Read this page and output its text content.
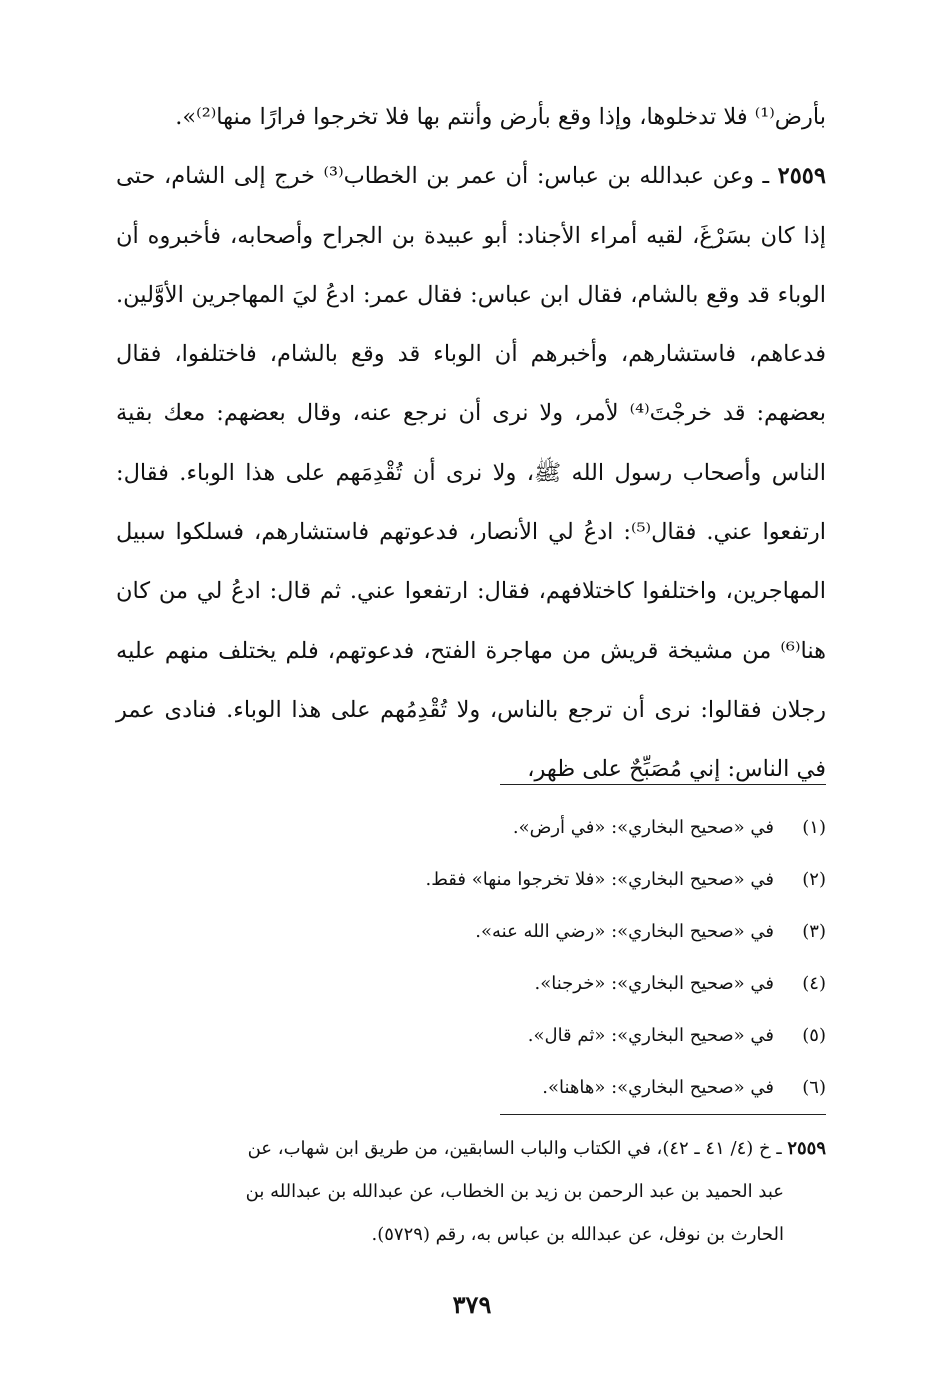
بأرض⁽¹⁾ فلا تدخلوها، وإذا وقع بأرض وأنتم بها فلا تخرجوا فرارًا منها⁽²⁾».

٢٥٥٩ ـ وعن عبدالله بن عباس: أن عمر بن الخطاب⁽³⁾ خرج إلى الشام، حتى إذا كان بسَرْغَ، لقيه أمراء الأجناد: أبو عبيدة بن الجراح وأصحابه، فأخبروه أن الوباء قد وقع بالشام، فقال ابن عباس: فقال عمر: ادعُ ليَ المهاجرين الأوَّلين. فدعاهم، فاستشارهم، وأخبرهم أن الوباء قد وقع بالشام، فاختلفوا، فقال بعضهم: قد خرجْتَ⁽⁴⁾ لأمر، ولا نرى أن نرجع عنه، وقال بعضهم: معك بقية الناس وأصحاب رسول الله ﷺ، ولا نرى أن تُقْدِمَهم على هذا الوباء. فقال: ارتفعوا عني. فقال⁽⁵⁾: ادعُ لي الأنصار، فدعوتهم فاستشارهم، فسلكوا سبيل المهاجرين، واختلفوا كاختلافهم، فقال: ارتفعوا عني. ثم قال: ادعُ لي من كان هنا⁽⁶⁾ من مشيخة قريش من مهاجرة الفتح، فدعوتهم، فلم يختلف منهم عليه رجلان فقالوا: نرى أن ترجع بالناس، ولا تُقْدِمُهم على هذا الوباء. فنادى عمر في الناس: إني مُصَبِّحٌ على ظهر،

(١)في «صحيح البخاري»: «في أرض».
(٢)في «صحيح البخاري»: «فلا تخرجوا منها» فقط.
(٣)في «صحيح البخاري»: «رضي الله عنه».
(٤)في «صحيح البخاري»: «خرجنا».
(٥)في «صحيح البخاري»: «ثم قال».
(٦)في «صحيح البخاري»: «هاهنا».

٢٥٥٩ ـ خ (٤/ ٤١ ـ ٤٢)، في الكتاب والباب السابقين، من طريق ابن شهاب، عن

عبد الحميد بن عبد الرحمن بن زيد بن الخطاب، عن عبدالله بن عبدالله بن

الحارث بن نوفل، عن عبدالله بن عباس به، رقم (٥٧٢٩).

٣٧٩
